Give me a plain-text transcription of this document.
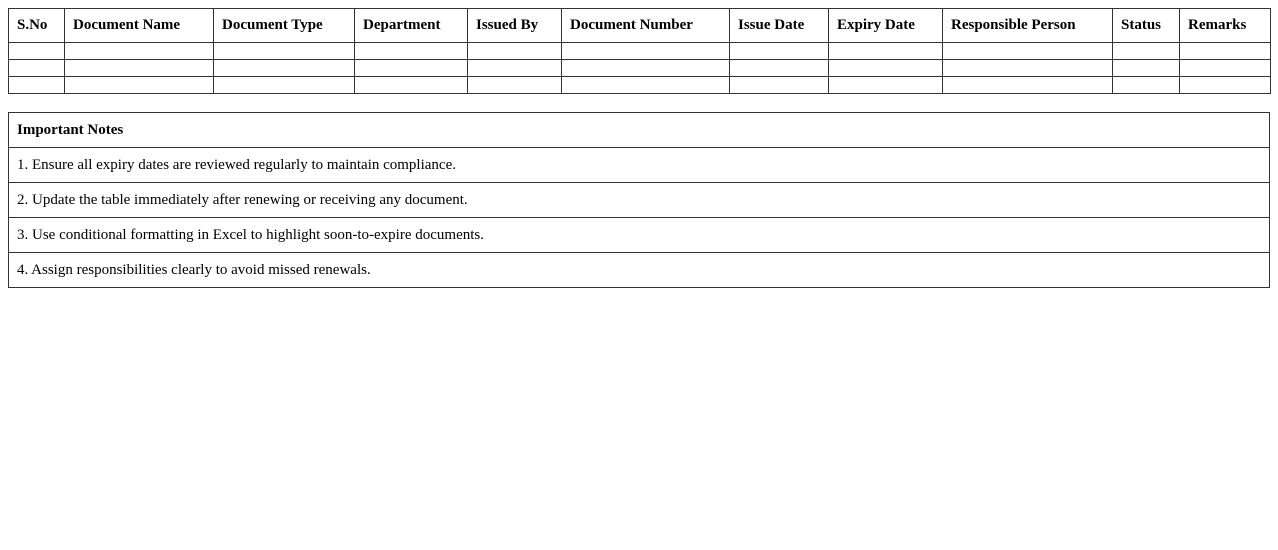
S.No	Document Name	Document Type	Department	Issued By	Document Number	Issue Date	Expiry Date	Responsible Person	Status	Remarks

Important Notes
1. Ensure all expiry dates are reviewed regularly to maintain compliance.
2. Update the table immediately after renewing or receiving any document.
3. Use conditional formatting in Excel to highlight soon-to-expire documents.
4. Assign responsibilities clearly to avoid missed renewals.
